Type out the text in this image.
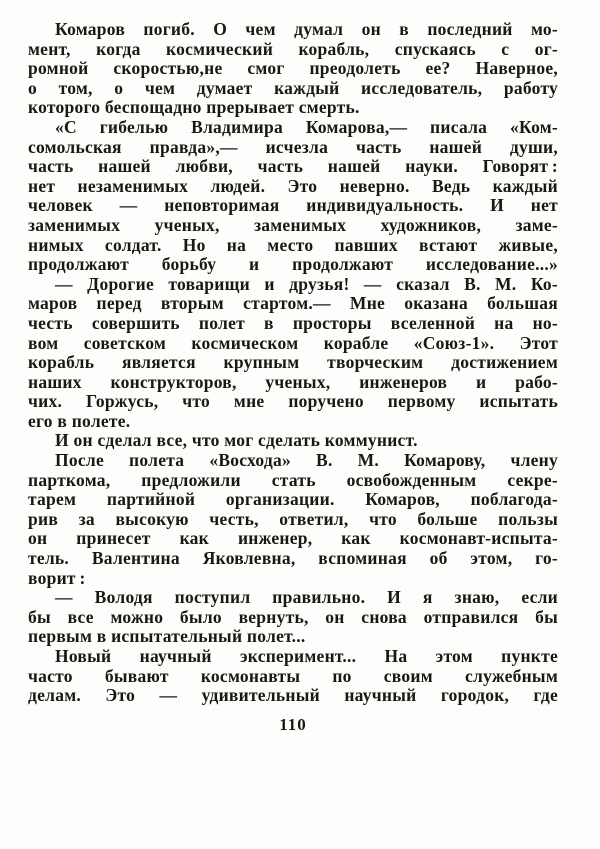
Комаров погиб. О чем думал он в последний мо-
мент, когда космический корабль, спускаясь с ог-
ромной скоростью,не смог преодолеть ее? Наверное,
о том, о чем думает каждый исследователь, работу
которого беспощадно прерывает смерть.
«С гибелью Владимира Комарова,— писала «Ком-
сомольская правда»,— исчезла часть нашей души,
часть нашей любви, часть нашей науки. Говорят :
нет незаменимых людей. Это неверно. Ведь каждый
человек — неповторимая индивидуальность. И нет
заменимых ученых, заменимых художников, заме-
нимых солдат. Но на место павших встают живые,
продолжают борьбу и продолжают исследование...»
— Дорогие товарищи и друзья! — сказал В. М. Ко-
маров перед вторым стартом.— Мне оказана большая
честь совершить полет в просторы вселенной на но-
вом советском космическом корабле «Союз-1». Этот
корабль является крупным творческим достижением
наших конструкторов, ученых, инженеров и рабо-
чих. Горжусь, что мне поручено первому испытать
его в полете.
И он сделал все, что мог сделать коммунист.
После полета «Восхода» В. М. Комарову, члену
парткома, предложили стать освобожденным секре-
тарем партийной организации. Комаров, поблагода-
рив за высокую честь, ответил, что больше пользы
он принесет как инженер, как космонавт-испыта-
тель. Валентина Яковлевна, вспоминая об этом, го-
ворит :
— Володя поступил правильно. И я знаю, если
бы все можно было вернуть, он снова отправился бы
первым в испытательный полет...
Новый научный эксперимент... На этом пункте
часто бывают космонавты по своим служебным
делам. Это — удивительный научный городок, где
110
